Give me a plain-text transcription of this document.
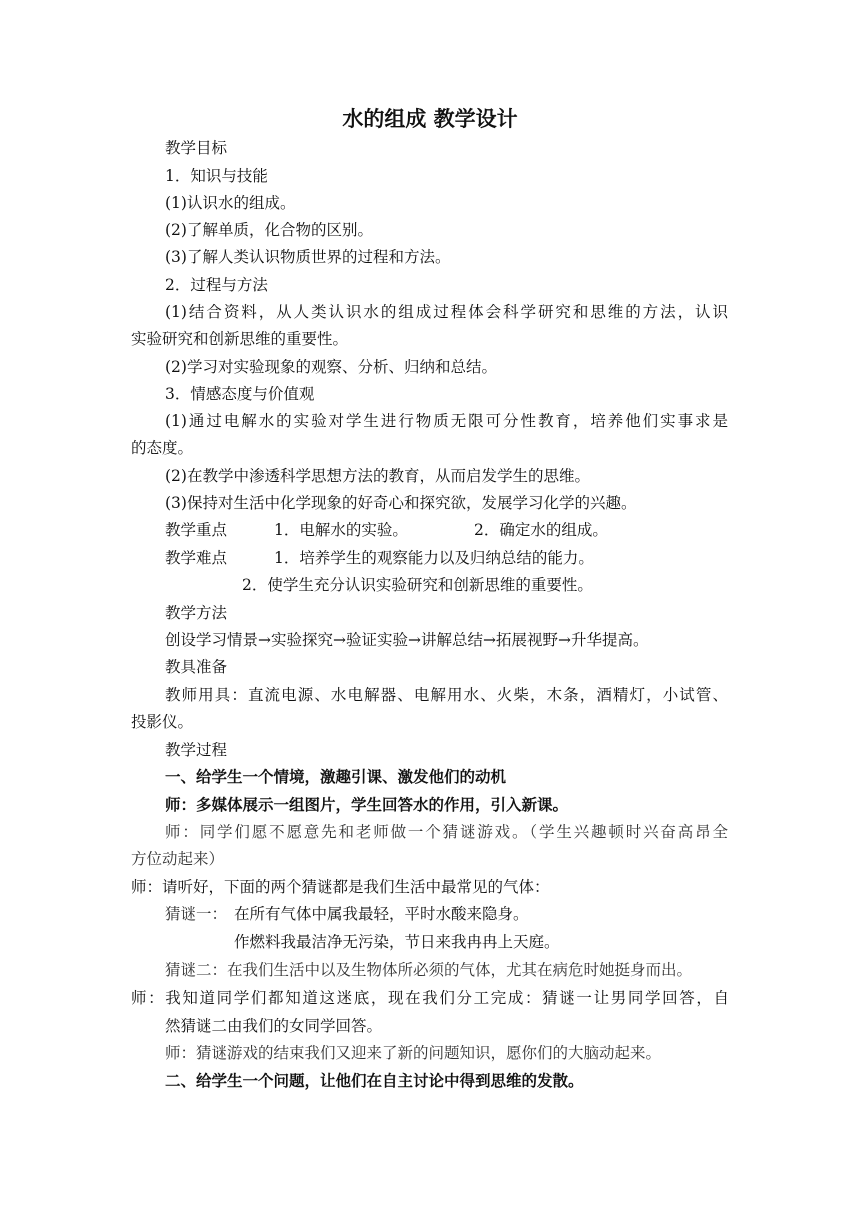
水的组成 教学设计
教学目标
1．知识与技能
(1)认识水的组成。
(2)了解单质，化合物的区别。
(3)了解人类认识物质世界的过程和方法。
2．过程与方法
(1)结合资料，从人类认识水的组成过程体会科学研究和思维的方法，认识
实验研究和创新思维的重要性。
(2)学习对实验现象的观察、分析、归纳和总结。
3．情感态度与价值观
(1)通过电解水的实验对学生进行物质无限可分性教育，培养他们实事求是
的态度。
(2)在教学中渗透科学思想方法的教育，从而启发学生的思维。
(3)保持对生活中化学现象的好奇心和探究欲，发展学习化学的兴趣。
教学重点	1．电解水的实验。	2．确定水的组成。
教学难点	1．培养学生的观察能力以及归纳总结的能力。
2．使学生充分认识实验研究和创新思维的重要性。
教学方法
创设学习情景→实验探究→验证实验→讲解总结→拓展视野→升华提高。
教具准备
教师用具：直流电源、水电解器、电解用水、火柴，木条，酒精灯，小试管、
投影仪。
教学过程
一、给学生一个情境，激趣引课、激发他们的动机
师：多媒体展示一组图片，学生回答水的作用，引入新课。
师：同学们愿不愿意先和老师做一个猜谜游戏。（学生兴趣顿时兴奋高昂全
方位动起来）
师：请听好，下面的两个猜谜都是我们生活中最常见的气体：
猜谜一： 在所有气体中属我最轻，平时水酸来隐身。
作燃料我最洁净无污染，节日来我冉冉上天庭。
猜谜二：在我们生活中以及生物体所必须的气体，尤其在病危时她挺身而出。
师：我知道同学们都知道这迷底，现在我们分工完成：猜谜一让男同学回答，自
然猜谜二由我们的女同学回答。
师：猜谜游戏的结束我们又迎来了新的问题知识，愿你们的大脑动起来。
二、给学生一个问题，让他们在自主讨论中得到思维的发散。
